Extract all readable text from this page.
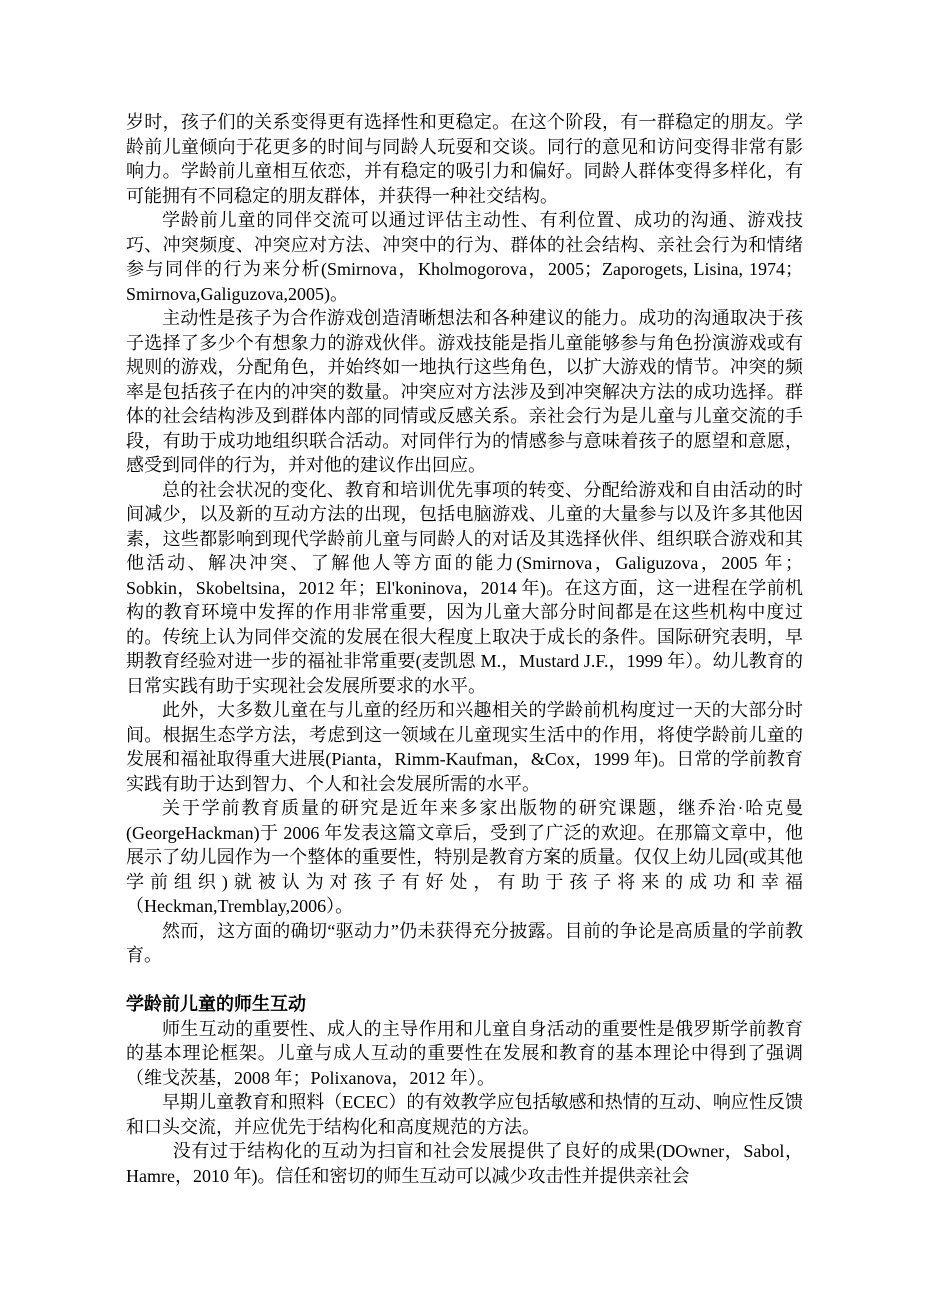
岁时，孩子们的关系变得更有选择性和更稳定。在这个阶段，有一群稳定的朋友。学龄前儿童倾向于花更多的时间与同龄人玩耍和交谈。同行的意见和访问变得非常有影响力。学龄前儿童相互依恋，并有稳定的吸引力和偏好。同龄人群体变得多样化，有可能拥有不同稳定的朋友群体，并获得一种社交结构。

学龄前儿童的同伴交流可以通过评估主动性、有利位置、成功的沟通、游戏技巧、冲突频度、冲突应对方法、冲突中的行为、群体的社会结构、亲社会行为和情绪参与同伴的行为来分析(Smirnova，Kholmogorova，2005；Zaporogets, Lisina, 1974； Smirnova,Galiguzova,2005)。

主动性是孩子为合作游戏创造清晰想法和各种建议的能力。成功的沟通取决于孩子选择了多少个有想象力的游戏伙伴。游戏技能是指儿童能够参与角色扮演游戏或有规则的游戏，分配角色，并始终如一地执行这些角色，以扩大游戏的情节。冲突的频率是包括孩子在内的冲突的数量。冲突应对方法涉及到冲突解决方法的成功选择。群体的社会结构涉及到群体内部的同情或反感关系。亲社会行为是儿童与儿童交流的手段，有助于成功地组织联合活动。对同伴行为的情感参与意味着孩子的愿望和意愿，感受到同伴的行为，并对他的建议作出回应。

总的社会状况的变化、教育和培训优先事项的转变、分配给游戏和自由活动的时间减少，以及新的互动方法的出现，包括电脑游戏、儿童的大量参与以及许多其他因素，这些都影响到现代学龄前儿童与同龄人的对话及其选择伙伴、组织联合游戏和其他活动、解决冲突、了解他人等方面的能力(Smirnova，Galiguzova，2005 年；Sobkin，Skobeltsina，2012 年；El'koninova，2014 年)。在这方面，这一进程在学前机构的教育环境中发挥的作用非常重要，因为儿童大部分时间都是在这些机构中度过的。传统上认为同伴交流的发展在很大程度上取决于成长的条件。国际研究表明，早期教育经验对进一步的福祉非常重要(麦凯恩 M.，Mustard J.F.，1999 年）。幼儿教育的日常实践有助于实现社会发展所要求的水平。

此外，大多数儿童在与儿童的经历和兴趣相关的学龄前机构度过一天的大部分时间。根据生态学方法，考虑到这一领域在儿童现实生活中的作用，将使学龄前儿童的发展和福祉取得重大进展(Pianta，Rimm-Kaufman，&Cox，1999 年)。日常的学前教育实践有助于达到智力、个人和社会发展所需的水平。

关于学前教育质量的研究是近年来多家出版物的研究课题，继乔治·哈克曼(GeorgeHackman)于 2006 年发表这篇文章后，受到了广泛的欢迎。在那篇文章中，他展示了幼儿园作为一个整体的重要性，特别是教育方案的质量。仅仅上幼儿园(或其他学前组织)就被认为对孩子有好处，有助于孩子将来的成功和幸福（Heckman,Tremblay,2006）。

然而，这方面的确切“驱动力”仍未获得充分披露。目前的争论是高质量的学前教育。

学龄前儿童的师生互动

师生互动的重要性、成人的主导作用和儿童自身活动的重要性是俄罗斯学前教育的基本理论框架。儿童与成人互动的重要性在发展和教育的基本理论中得到了强调（维戈茨基，2008 年；Polixanova，2012 年）。

早期儿童教育和照料（ECEC）的有效教学应包括敏感和热情的互动、响应性反馈和口头交流，并应优先于结构化和高度规范的方法。

没有过于结构化的互动为扫盲和社会发展提供了良好的成果(DOwner，Sabol，Hamre，2010 年)。信任和密切的师生互动可以减少攻击性并提供亲社会
